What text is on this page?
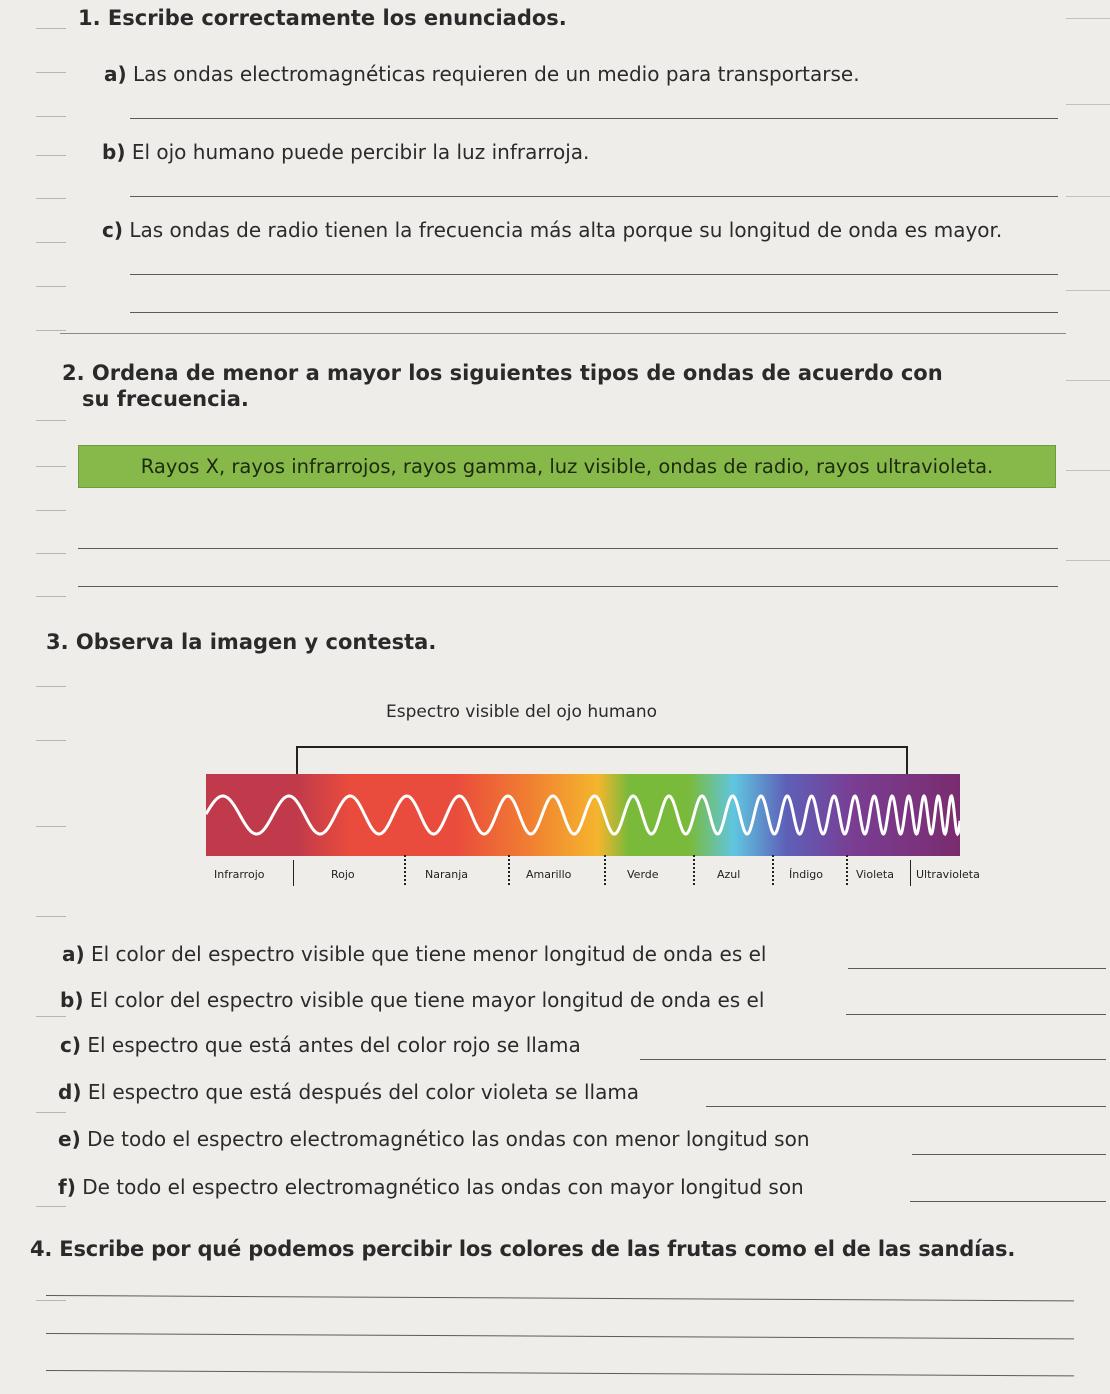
1. Escribe correctamente los enunciados.
a) Las ondas electromagnéticas requieren de un medio para transportarse.
b) El ojo humano puede percibir la luz infrarroja.
c) Las ondas de radio tienen la frecuencia más alta porque su longitud de onda es mayor.
2. Ordena de menor a mayor los siguientes tipos de ondas de acuerdo con
su frecuencia.
Rayos X, rayos infrarrojos, rayos gamma, luz visible, ondas de radio, rayos ultravioleta.
3. Observa la imagen y contesta.
Espectro visible del ojo humano
Infrarrojo	Rojo	Naranja	Amarillo	Verde	Azul	Índigo	Violeta Ultravioleta
a) El color del espectro visible que tiene menor longitud de onda es el
b) El color del espectro visible que tiene mayor longitud de onda es el
c) El espectro que está antes del color rojo se llama
d) El espectro que está después del color violeta se llama
e) De todo el espectro electromagnético las ondas con menor longitud son
f) De todo el espectro electromagnético las ondas con mayor longitud son
4. Escribe por qué podemos percibir los colores de las frutas como el de las sandías.
